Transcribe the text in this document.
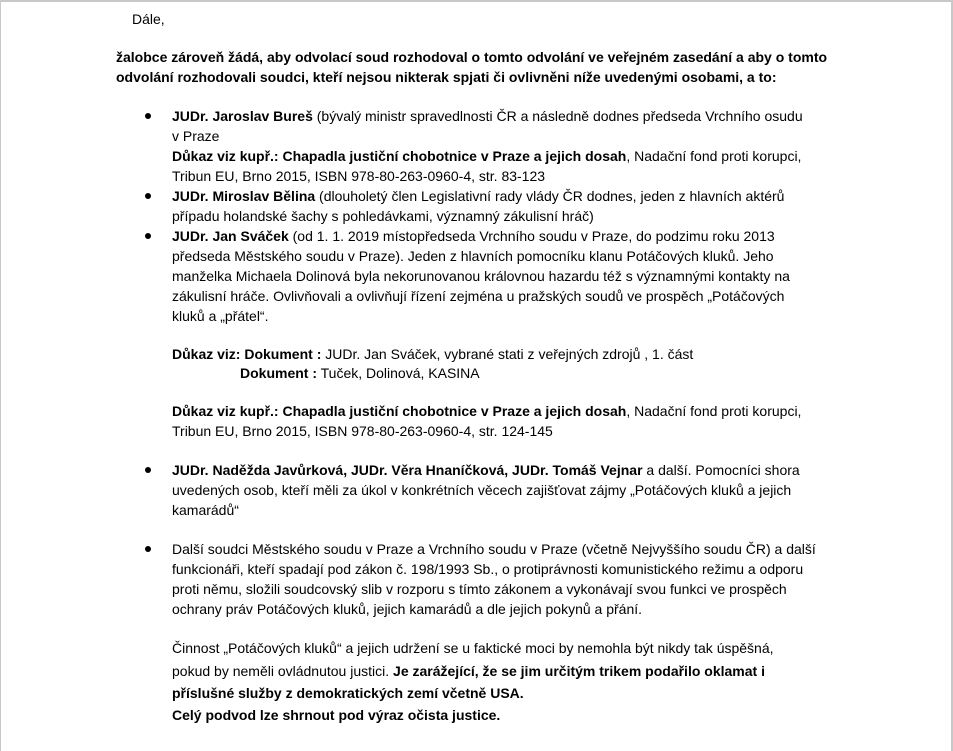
Dále,
žalobce zároveň žádá, aby odvolací soud rozhodoval o tomto odvolání ve veřejném zasedání a aby o tomto
odvolání rozhodovali soudci, kteří nejsou nikterak spjati či ovlivněni níže uvedenými osobami, a to:
JUDr. Jaroslav Bureš (bývalý ministr spravedlnosti ČR a následně dodnes předseda Vrchního osudu
v Praze
Důkaz viz kupř.: Chapadla justiční chobotnice v Praze a jejich dosah, Nadační fond proti korupci,
Tribun EU, Brno 2015, ISBN 978-80-263-0960-4, str. 83-123
JUDr. Miroslav Bělina (dlouholetý člen Legislativní rady vlády ČR dodnes, jeden z hlavních aktérů
případu holandské šachy s pohledávkami, významný zákulisní hráč)
JUDr. Jan Sváček (od 1. 1. 2019 místopředseda Vrchního soudu v Praze, do podzimu roku 2013
předseda Městského soudu v Praze). Jeden z hlavních pomocníku klanu Potáčových kluků. Jeho
manželka Michaela Dolinová byla nekorunovanou královnou hazardu též s významnými kontakty na
zákulisní hráče. Ovlivňovali a ovlivňují řízení zejména u pražských soudů ve prospěch „Potáčových
kluků a „přátel“.
Důkaz viz: Dokument : JUDr. Jan Sváček, vybrané stati z veřejných zdrojů , 1. část
Dokument : Tuček, Dolinová, KASINA
Důkaz viz kupř.: Chapadla justiční chobotnice v Praze a jejich dosah, Nadační fond proti korupci,
Tribun EU, Brno 2015, ISBN 978-80-263-0960-4, str. 124-145
JUDr. Naděžda Javůrková, JUDr. Věra Hnaníčková, JUDr. Tomáš Vejnar a další. Pomocníci shora
uvedených osob, kteří měli za úkol v konkrétních věcech zajišťovat zájmy „Potáčových kluků a jejich
kamarádů“
Další soudci Městského soudu v Praze a Vrchního soudu v Praze (včetně Nejvyššího soudu ČR) a další
funkcionáři, kteří spadají pod zákon č. 198/1993 Sb., o protiprávnosti komunistického režimu a odporu
proti němu, složili soudcovský slib v rozporu s tímto zákonem a vykonávají svou funkci ve prospěch
ochrany práv Potáčových kluků, jejich kamarádů a dle jejich pokynů a přání.
Činnost „Potáčových kluků“ a jejich udržení se u faktické moci by nemohla být nikdy tak úspěšná,
pokud by neměli ovládnutou justici. Je zarážející, že se jim určitým trikem podařilo oklamat i
příslušné služby z demokratických zemí včetně USA.
Celý podvod lze shrnout pod výraz očista justice.
